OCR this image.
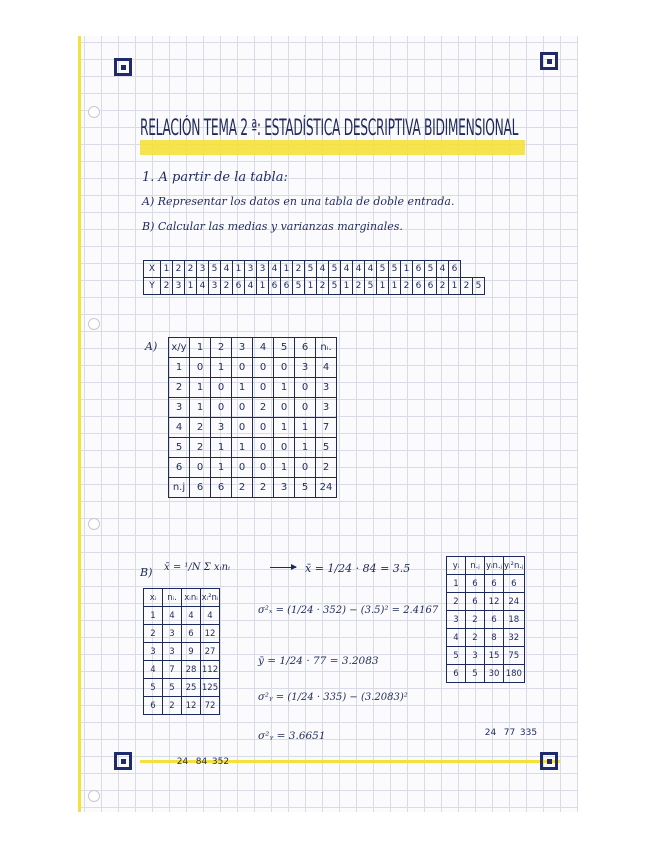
RELACIÓN TEMA 2 ª: ESTADÍSTICA DESCRIPTIVA BIDIMENSIONAL
1. A partir de la tabla:
A) Representar los datos en una tabla de doble entrada.
B) Calcular las medias y varianzas marginales.
X	1	2	2	3	5	4	1	3	3	4	1	2	5	4	5	4	4	4	5	5	1	6	5	4	6		
Y	2	3	1	4	3	2	6	4	1	6	6	5	1	2	5	1	2	5	1	1	2	6	6	2	1	2	5
A) x/y	1	2	3	4	5	6	nᵢ.
1	0	1	0	0	0	3	4
2	1	0	1	0	1	0	3
3	1	0	0	2	0	0	3
4	2	3	0	0	1	1	7
5	2	1	1	0	0	1	5
6	0	1	0	0	1	0	2
n.j	6	6	2	2	3	5	24
B) x̄ = ¹/N Σ xᵢnᵢ	x̄ = 1/24 · 84 = 3.5
xᵢ	nᵢ.	xᵢnᵢ	xᵢ²nᵢ
1	4	4	4
2	3	6	12
3	3	9	27
4	7	28	112
5	5	25	125
6	2	12	72
24 84 352
σ²ₓ = (1/24 · 352) − (3.5)² = 2.4167
ȳ = 1/24 · 77 = 3.2083
σ²ᵧ = (1/24 · 335) − (3.2083)²
σ²ᵧ = 3.6651
yᵢ	n.ⱼ	yᵢn.ⱼ	yᵢ²n.ⱼ
1	6	6	6
2	6	12	24
3	2	6	18
4	2	8	32
5	3	15	75
6	5	30	180
24 77 335
